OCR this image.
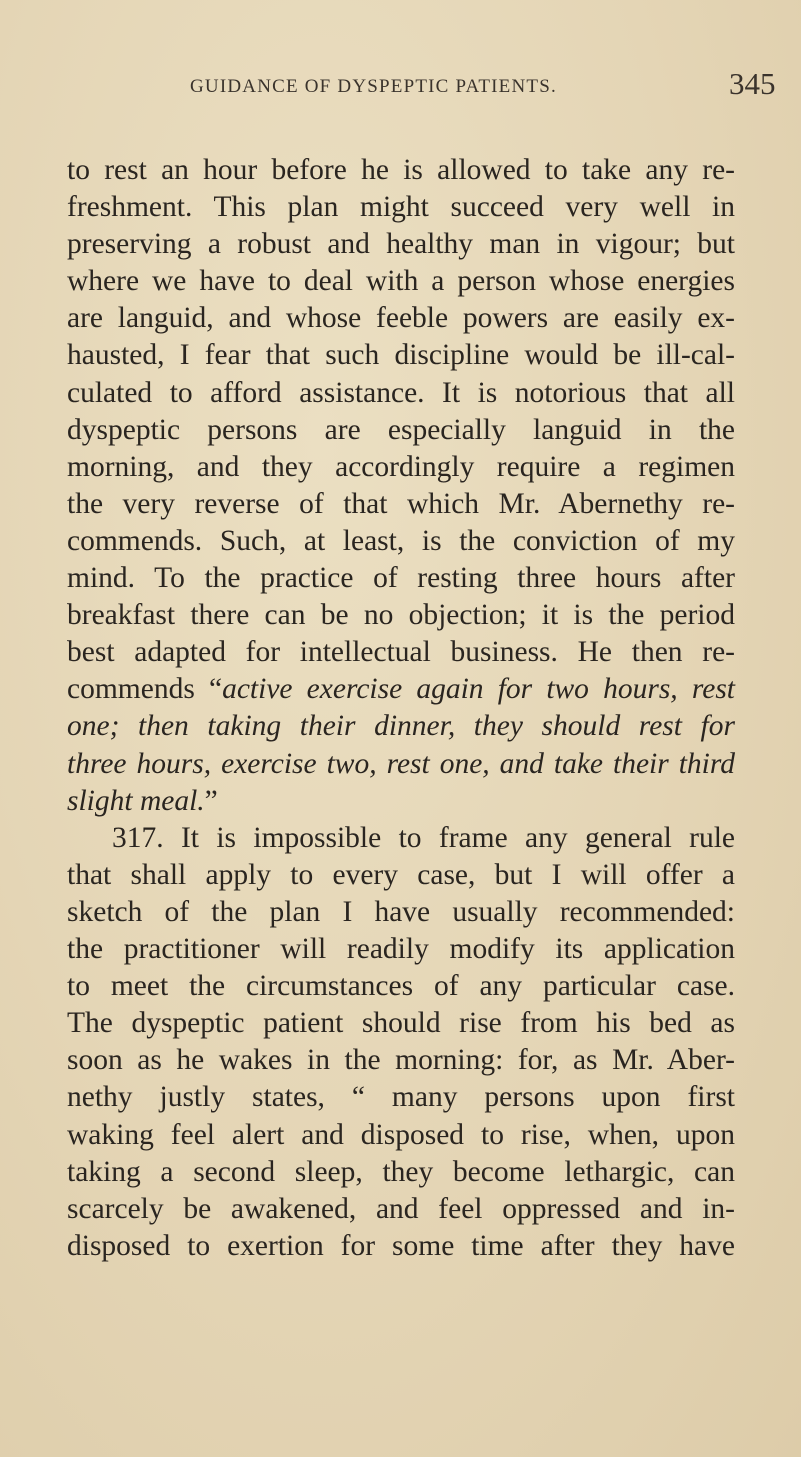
GUIDANCE OF DYSPEPTIC PATIENTS.	345
to rest an hour before he is allowed to take any re-
freshment. This plan might succeed very well in
preserving a robust and healthy man in vigour; but
where we have to deal with a person whose energies
are languid, and whose feeble powers are easily ex-
hausted, I fear that such discipline would be ill-cal-
culated to afford assistance. It is notorious that all
dyspeptic persons are especially languid in the
morning, and they accordingly require a regimen
the very reverse of that which Mr. Abernethy re-
commends. Such, at least, is the conviction of my
mind. To the practice of resting three hours after
breakfast there can be no objection; it is the period
best adapted for intellectual business. He then re-
commends “active exercise again for two hours, rest
one; then taking their dinner, they should rest for
three hours, exercise two, rest one, and take their third
slight meal.”
317. It is impossible to frame any general rule
that shall apply to every case, but I will offer a
sketch of the plan I have usually recommended:
the practitioner will readily modify its application
to meet the circumstances of any particular case.
The dyspeptic patient should rise from his bed as
soon as he wakes in the morning: for, as Mr. Aber-
nethy justly states, “ many persons upon first
waking feel alert and disposed to rise, when, upon
taking a second sleep, they become lethargic, can
scarcely be awakened, and feel oppressed and in-
disposed to exertion for some time after they have
